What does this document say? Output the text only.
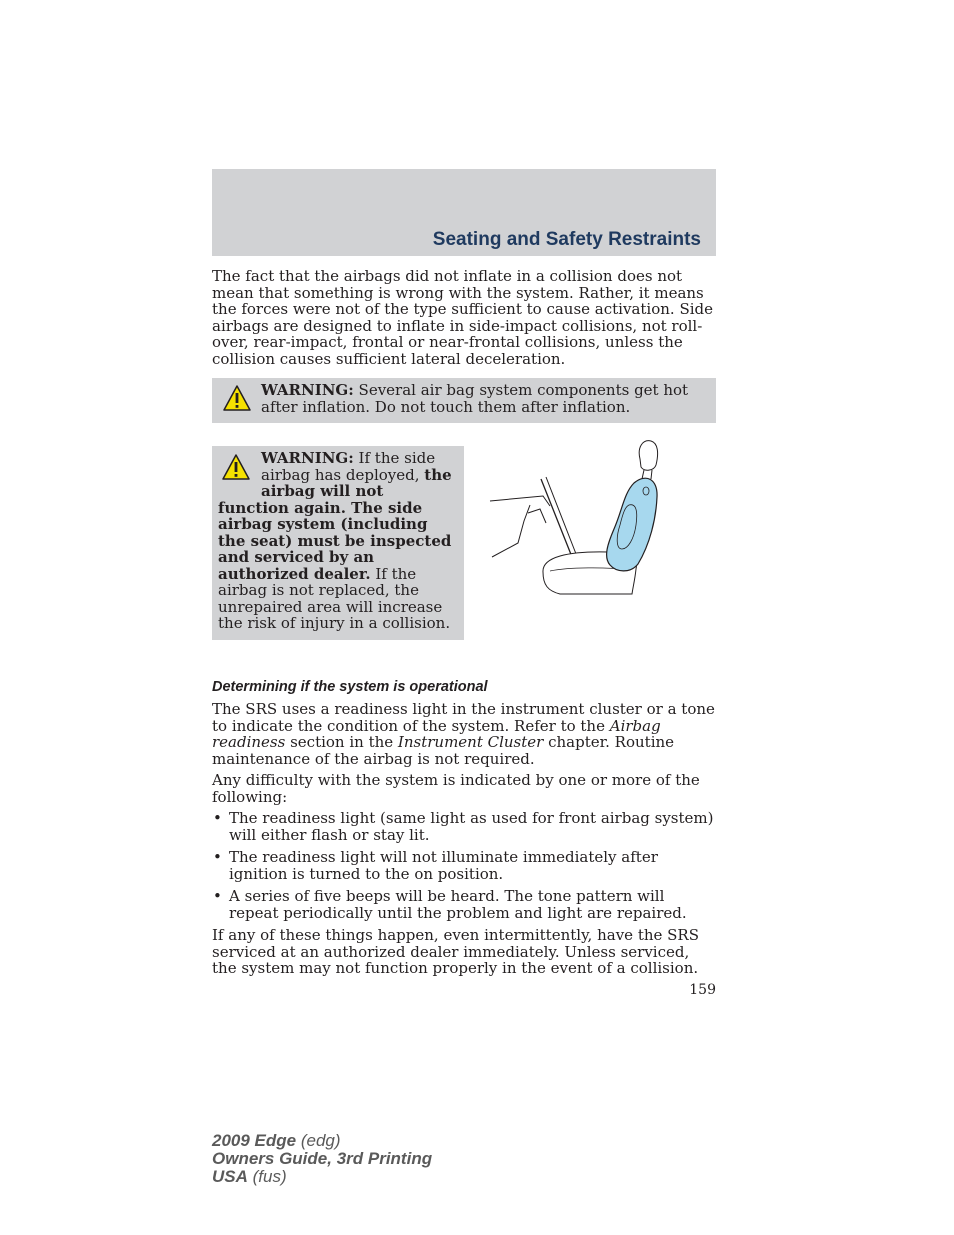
Seating and Safety Restraints

The fact that the airbags did not inflate in a collision does not mean that something is wrong with the system. Rather, it means the forces were not of the type sufficient to cause activation. Side airbags are designed to inflate in side-impact collisions, not roll-over, rear-impact, frontal or near-frontal collisions, unless the collision causes sufficient lateral deceleration.

WARNING: Several air bag system components get hot after inflation. Do not touch them after inflation.
WARNING: If the side airbag has deployed, the airbag will not function again. The side airbag system (including the seat) must be inspected and serviced by an authorized dealer. If the airbag is not replaced, the unrepaired area will increase the risk of injury in a collision.
Determining if the system is operational

The SRS uses a readiness light in the instrument cluster or a tone to indicate the condition of the system. Refer to the Airbag readiness section in the Instrument Cluster chapter. Routine maintenance of the airbag is not required.

Any difficulty with the system is indicated by one or more of the following:

• The readiness light (same light as used for front airbag system) will either flash or stay lit.
• The readiness light will not illuminate immediately after ignition is turned to the on position.
• A series of five beeps will be heard. The tone pattern will repeat periodically until the problem and light are repaired.

If any of these things happen, even intermittently, have the SRS serviced at an authorized dealer immediately. Unless serviced, the system may not function properly in the event of a collision.

159
2009 Edge (edg)
Owners Guide, 3rd Printing
USA (fus)
